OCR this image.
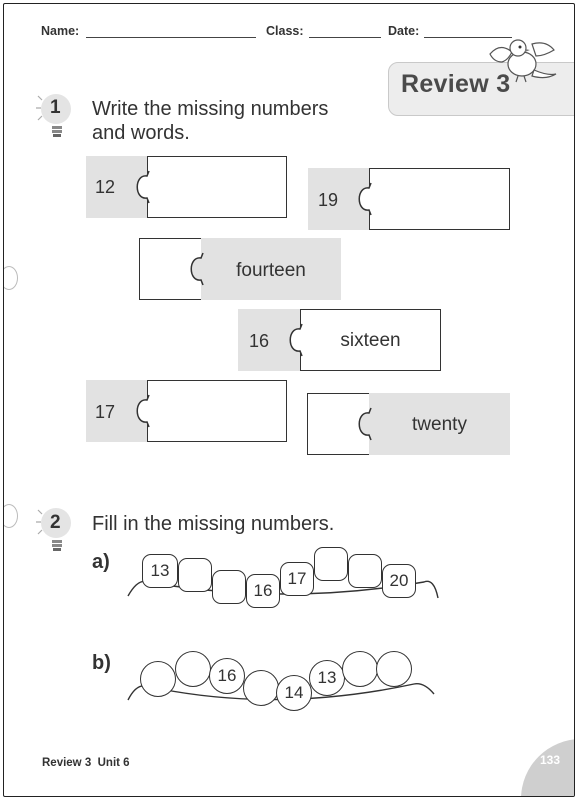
Name:	Class:	Date:
Review 3
1 Write the missing numbers
and words.
12
19
fourteen
16	sixteen
17
twenty
2 Fill in the missing numbers.
a)	13
16
17	20
b)
16
14
13
Review 3  Unit 6	133
